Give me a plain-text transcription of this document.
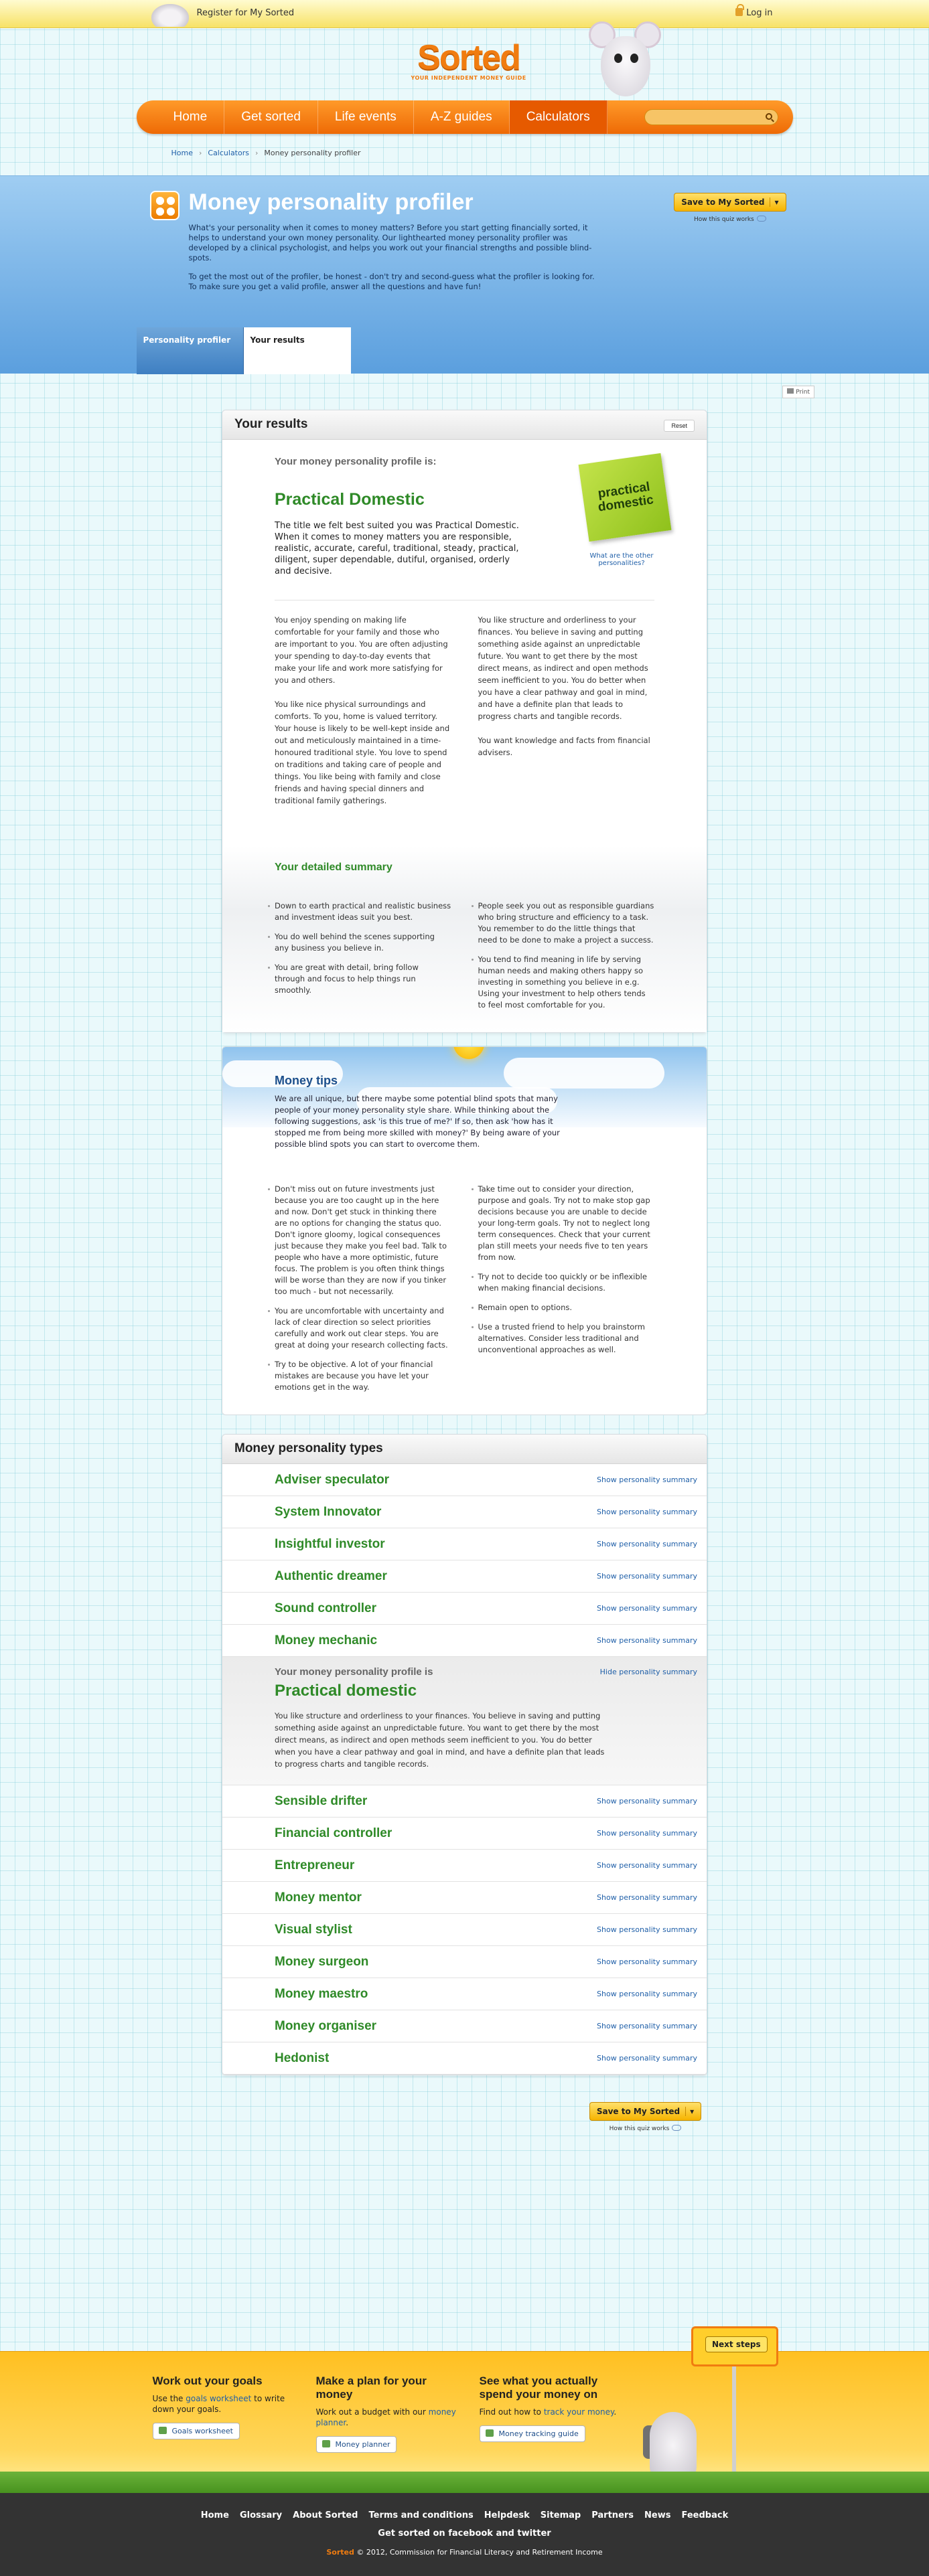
Register for My Sorted	Log in
Sorted
YOUR INDEPENDENT MONEY GUIDE
Home	Get sorted	Life events	A-Z guides	Calculators
Home › Calculators › Money personality profiler
Money personality profiler

What's your personality when it comes to money matters? Before you start getting financially sorted, it helps to understand your own money personality. Our lighthearted money personality profiler was developed by a clinical psychologist, and helps you work out your financial strengths and possible blind-spots.

To get the most out of the profiler, be honest - don't try and second-guess what the profiler is looking for. To make sure you get a valid profile, answer all the questions and have fun!

Save to My Sorted ▾
How this quiz works
Personality profiler	Your results
Print
Your results	Reset
Your money personality profile is:
Practical Domestic	practical domestic
What are the other personalities?

The title we felt best suited you was Practical Domestic. When it comes to money matters you are responsible, realistic, accurate, careful, traditional, steady, practical, diligent, super dependable, dutiful, organised, orderly and decisive.

You enjoy spending on making life comfortable for your family and those who are important to you. You are often adjusting your spending to day-to-day events that make your life and work more satisfying for you and others.

You like nice physical surroundings and comforts. To you, home is valued territory. Your house is likely to be well-kept inside and out and meticulously maintained in a time-honoured traditional style. You love to spend on traditions and taking care of people and things. You like being with family and close friends and having special dinners and traditional family gatherings.

You like structure and orderliness to your finances. You believe in saving and putting something aside against an unpredictable future. You want to get there by the most direct means, as indirect and open methods seem inefficient to you. You do better when you have a clear pathway and goal in mind, and have a definite plan that leads to progress charts and tangible records.

You want knowledge and facts from financial advisers.

Your detailed summary
Down to earth practical and realistic business and investment ideas suit you best.
You do well behind the scenes supporting any business you believe in.
You are great with detail, bring follow through and focus to help things run smoothly.
People seek you out as responsible guardians who bring structure and efficiency to a task. You remember to do the little things that need to be done to make a project a success.
You tend to find meaning in life by serving human needs and making others happy so investing in something you believe in e.g. Using your investment to help others tends to feel most comfortable for you.
Money tips

We are all unique, but there maybe some potential blind spots that many people of your money personality style share. While thinking about the following suggestions, ask 'is this true of me?' If so, then ask 'how has it stopped me from being more skilled with money?' By being aware of your possible blind spots you can start to overcome them.

Don't miss out on future investments just because you are too caught up in the here and now. Don't get stuck in thinking there are no options for changing the status quo. Don't ignore gloomy, logical consequences just because they make you feel bad. Talk to people who have a more optimistic, future focus. The problem is you often think things will be worse than they are now if you tinker too much - but not necessarily.
You are uncomfortable with uncertainty and lack of clear direction so select priorities carefully and work out clear steps. You are great at doing your research collecting facts.
Try to be objective. A lot of your financial mistakes are because you have let your emotions get in the way.
Take time out to consider your direction, purpose and goals. Try not to make stop gap decisions because you are unable to decide your long-term goals. Try not to neglect long term consequences. Check that your current plan still meets your needs five to ten years from now.
Try not to decide too quickly or be inflexible when making financial decisions.
Remain open to options.
Use a trusted friend to help you brainstorm alternatives. Consider less traditional and unconventional approaches as well.
Money personality types
Adviser speculator	Show personality summary
System Innovator	Show personality summary
Insightful investor	Show personality summary
Authentic dreamer	Show personality summary
Sound controller	Show personality summary
Money mechanic	Show personality summary
Your money personality profile is	Hide personality summary
Practical domestic

You like structure and orderliness to your finances. You believe in saving and putting something aside against an unpredictable future. You want to get there by the most direct means, as indirect and open methods seem inefficient to you. You do better when you have a clear pathway and goal in mind, and have a definite plan that leads to progress charts and tangible records.

Sensible drifter	Show personality summary
Financial controller	Show personality summary
Entrepreneur	Show personality summary
Money mentor	Show personality summary
Visual stylist	Show personality summary
Money surgeon	Show personality summary
Money maestro	Show personality summary
Money organiser	Show personality summary
Hedonist	Show personality summary
Save to My Sorted ▾
How this quiz works
Next steps
Work out your goals

Use the goals worksheet to write down your goals.

Goals worksheet
Make a plan for your money

Work out a budget with our money planner.

Money planner
See what you actually spend your money on

Find out how to track your money.

Money tracking guide
Home Glossary About Sorted Terms and conditions Helpdesk Sitemap Partners News Feedback
Get sorted on facebook and twitter
Sorted © 2012, Commission for Financial Literacy and Retirement Income
